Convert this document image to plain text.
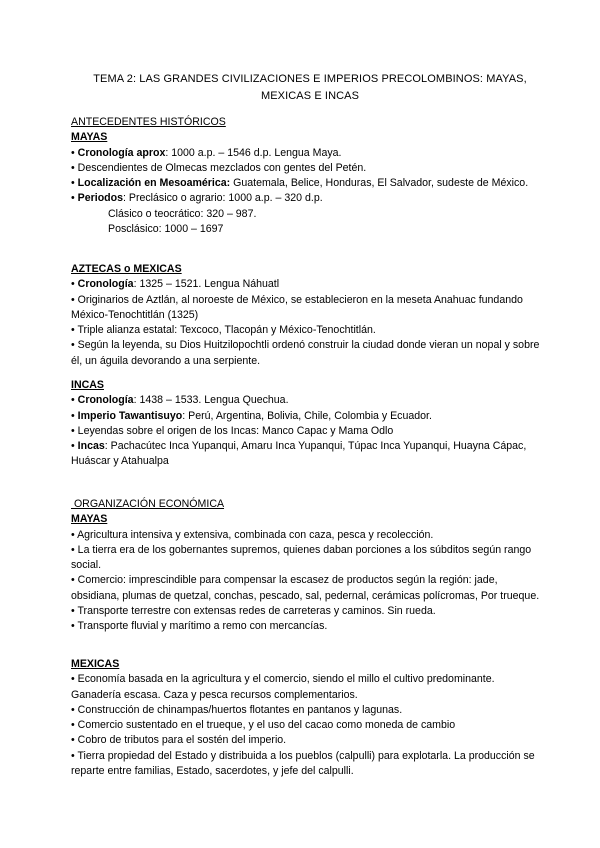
TEMA 2: LAS GRANDES CIVILIZACIONES E IMPERIOS PRECOLOMBINOS: MAYAS,
MEXICAS E INCAS
ANTECEDENTES HISTÓRICOS
MAYAS
• Cronología aprox: 1000 a.p. – 1546 d.p. Lengua Maya.
• Descendientes de Olmecas mezclados con gentes del Petén.
• Localización en Mesoamérica: Guatemala, Belice, Honduras, El Salvador, sudeste de México.
• Periodos: Preclásico o agrario: 1000 a.p. – 320 d.p.
Clásico o teocrático: 320 – 987.
Posclásico: 1000 – 1697
AZTECAS o MEXICAS
• Cronología: 1325 – 1521. Lengua Náhuatl
• Originarios de Aztlán, al noroeste de México, se establecieron en la meseta Anahuac fundando México-Tenochtitlán (1325)
• Triple alianza estatal: Texcoco, Tlacopán y México-Tenochtitlán.
• Según la leyenda, su Dios Huitzilopochtli ordenó construir la ciudad donde vieran un nopal y sobre él, un águila devorando a una serpiente.
INCAS
• Cronología: 1438 – 1533. Lengua Quechua.
• Imperio Tawantisuyo: Perú, Argentina, Bolivia, Chile, Colombia y Ecuador.
• Leyendas sobre el origen de los Incas: Manco Capac y Mama Odlo
• Incas: Pachacútec Inca Yupanqui, Amaru Inca Yupanqui, Túpac Inca Yupanqui, Huayna Cápac, Huáscar y Atahualpa
ORGANIZACIÓN ECONÓMICA
MAYAS
• Agricultura intensiva y extensiva, combinada con caza, pesca y recolección.
• La tierra era de los gobernantes supremos, quienes daban porciones a los súbditos según rango social.
• Comercio: imprescindible para compensar la escasez de productos según la región: jade, obsidiana, plumas de quetzal, conchas, pescado, sal, pedernal, cerámicas polícromas, Por trueque.
• Transporte terrestre con extensas redes de carreteras y caminos. Sin rueda.
• Transporte fluvial y marítimo a remo con mercancías.
MEXICAS
• Economía basada en la agricultura y el comercio, siendo el millo el cultivo predominante. Ganadería escasa. Caza y pesca recursos complementarios.
• Construcción de chinampas/huertos flotantes en pantanos y lagunas.
• Comercio sustentado en el trueque, y el uso del cacao como moneda de cambio
• Cobro de tributos para el sostén del imperio.
• Tierra propiedad del Estado y distribuida a los pueblos (calpulli) para explotarla. La producción se reparte entre familias, Estado, sacerdotes, y jefe del calpulli.
